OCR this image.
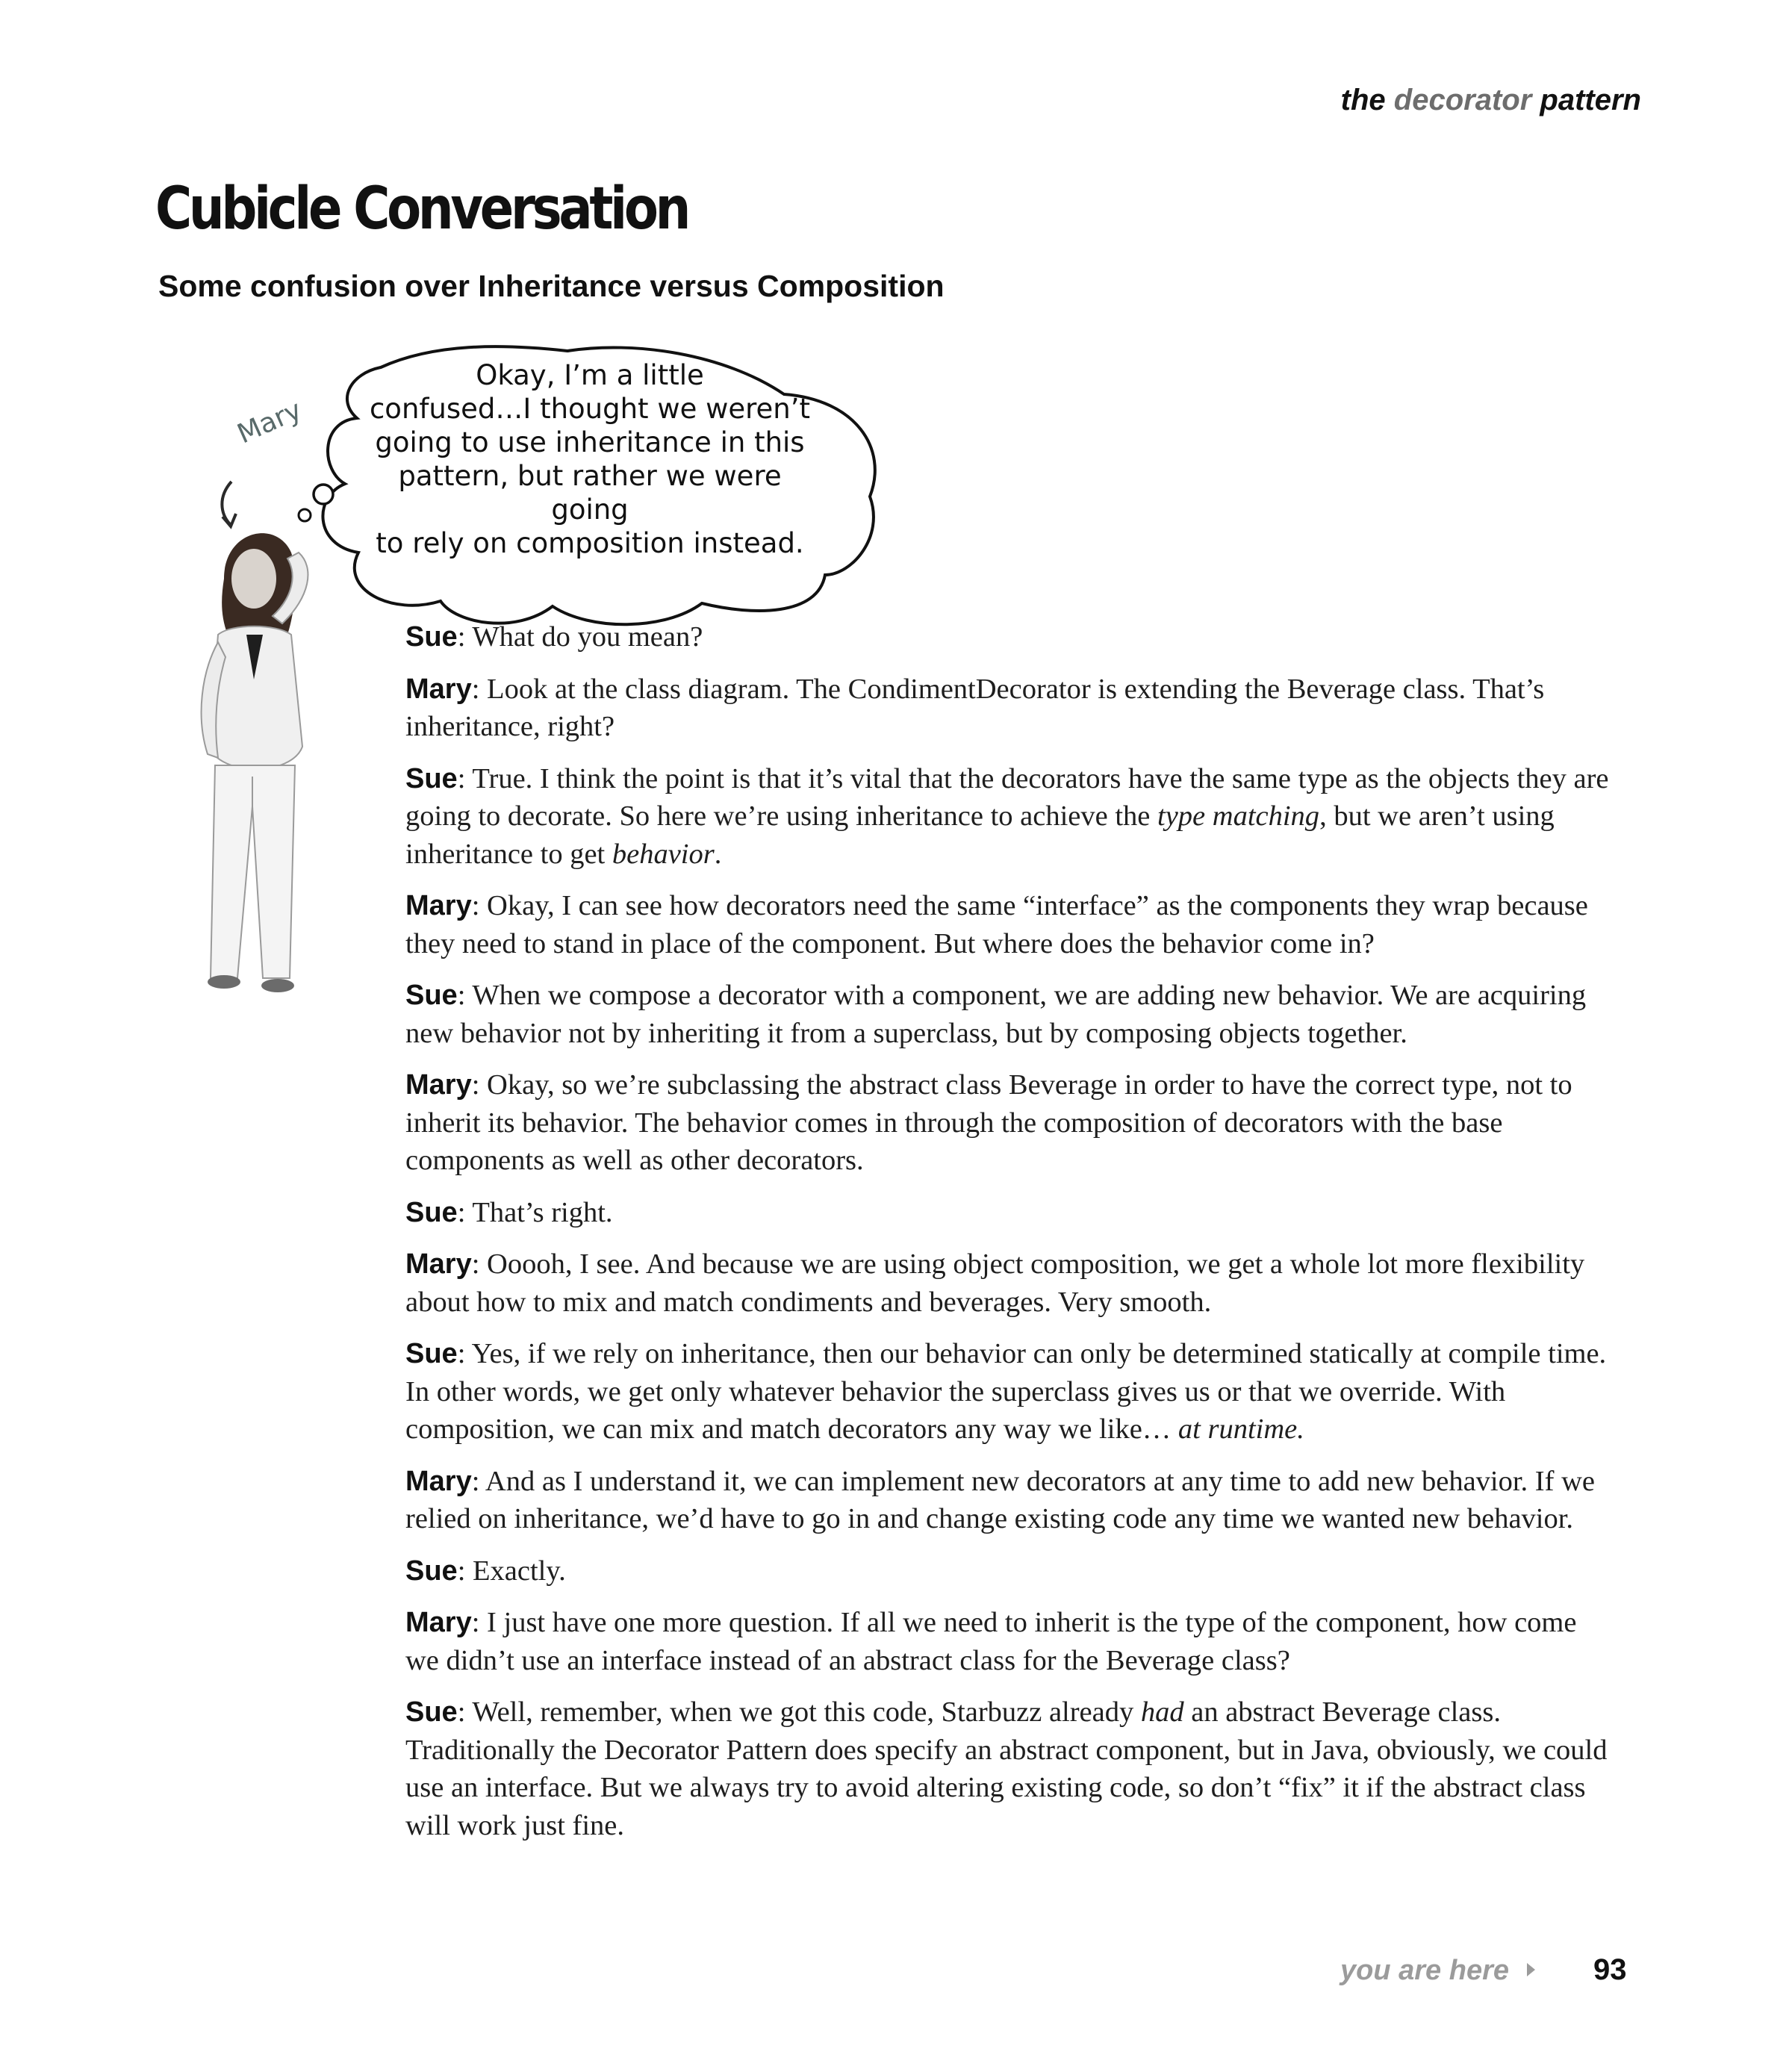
the decorator pattern
Cubicle Conversation
Some confusion over Inheritance versus Composition
Mary
Okay, I’m a little
confused…I thought we weren’t
going to use inheritance in this
pattern, but rather we were going
to rely on composition instead.

Sue: What do you mean?

Mary: Look at the class diagram. The CondimentDecorator is extending the Beverage class. That’s inheritance, right?

Sue: True. I think the point is that it’s vital that the decorators have the same type as the objects they are going to decorate. So here we’re using inheritance to achieve the type matching, but we aren’t using inheritance to get behavior.

Mary: Okay, I can see how decorators need the same “interface” as the components they wrap because they need to stand in place of the component. But where does the behavior come in?

Sue: When we compose a decorator with a component, we are adding new behavior. We are acquiring new behavior not by inheriting it from a superclass, but by composing objects together.

Mary: Okay, so we’re subclassing the abstract class Beverage in order to have the correct type, not to inherit its behavior. The behavior comes in through the composition of decorators with the base components as well as other decorators.

Sue: That’s right.

Mary: Ooooh, I see. And because we are using object composition, we get a whole lot more flexibility about how to mix and match condiments and beverages. Very smooth.

Sue: Yes, if we rely on inheritance, then our behavior can only be determined statically at compile time. In other words, we get only whatever behavior the superclass gives us or that we override. With composition, we can mix and match decorators any way we like… at runtime.

Mary: And as I understand it, we can implement new decorators at any time to add new behavior. If we relied on inheritance, we’d have to go in and change existing code any time we wanted new behavior.

Sue: Exactly.

Mary: I just have one more question. If all we need to inherit is the type of the component, how come we didn’t use an interface instead of an abstract class for the Beverage class?

Sue: Well, remember, when we got this code, Starbuzz already had an abstract Beverage class. Traditionally the Decorator Pattern does specify an abstract component, but in Java, obviously, we could use an interface. But we always try to avoid altering existing code, so don’t “fix” it if the abstract class will work just fine.

you are here	93
